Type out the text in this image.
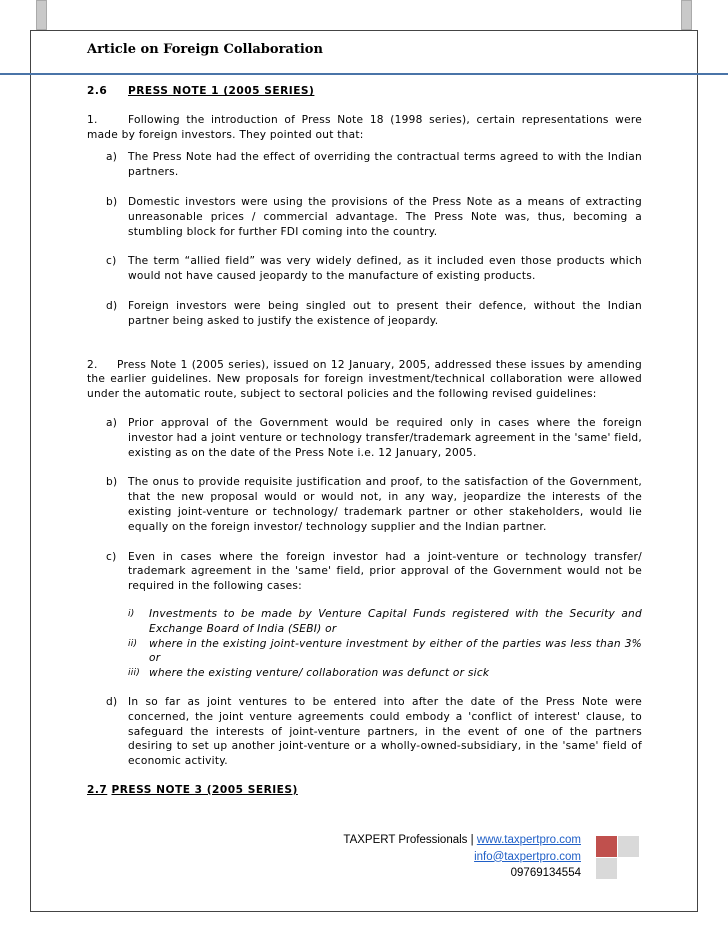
Article on Foreign Collaboration

2.6 PRESS NOTE 1 (2005 SERIES)

1.	Following the introduction of Press Note 18 (1998 series), certain representations were made by foreign investors. They pointed out that:

a) The Press Note had the effect of overriding the contractual terms agreed to with the Indian partners.
b) Domestic investors were using the provisions of the Press Note as a means of extracting unreasonable prices / commercial advantage. The Press Note was, thus, becoming a stumbling block for further FDI coming into the country.
c) The term “allied field” was very widely defined, as it included even those products which would not have caused jeopardy to the manufacture of existing products.
d) Foreign investors were being singled out to present their defence, without the Indian partner being asked to justify the existence of jeopardy.

2. Press Note 1 (2005 series), issued on 12 January, 2005, addressed these issues by amending the earlier guidelines. New proposals for foreign investment/technical collaboration were allowed under the automatic route, subject to sectoral policies and the following revised guidelines:

a) Prior approval of the Government would be required only in cases where the foreign investor had a joint venture or technology transfer/trademark agreement in the 'same' field, existing as on the date of the Press Note i.e. 12 January, 2005.
b) The onus to provide requisite justification and proof, to the satisfaction of the Government, that the new proposal would or would not, in any way, jeopardize the interests of the existing joint-venture or technology/ trademark partner or other stakeholders, would lie equally on the foreign investor/ technology supplier and the Indian partner.
c) Even in cases where the foreign investor had a joint-venture or technology transfer/ trademark agreement in the 'same' field, prior approval of the Government would not be required in the following cases:
i) Investments to be made by Venture Capital Funds registered with the Security and Exchange Board of India (SEBI) or
ii) where in the existing joint-venture investment by either of the parties was less than 3% or
iii) where the existing venture/ collaboration was defunct or sick
d) In so far as joint ventures to be entered into after the date of the Press Note were concerned, the joint venture agreements could embody a 'conflict of interest' clause, to safeguard the interests of joint-venture partners, in the event of one of the partners desiring to set up another joint-venture or a wholly-owned-subsidiary, in the 'same' field of economic activity.

2.7 PRESS NOTE 3 (2005 SERIES)

TAXPERT Professionals | www.taxpertpro.com
info@taxpertpro.com
09769134554
